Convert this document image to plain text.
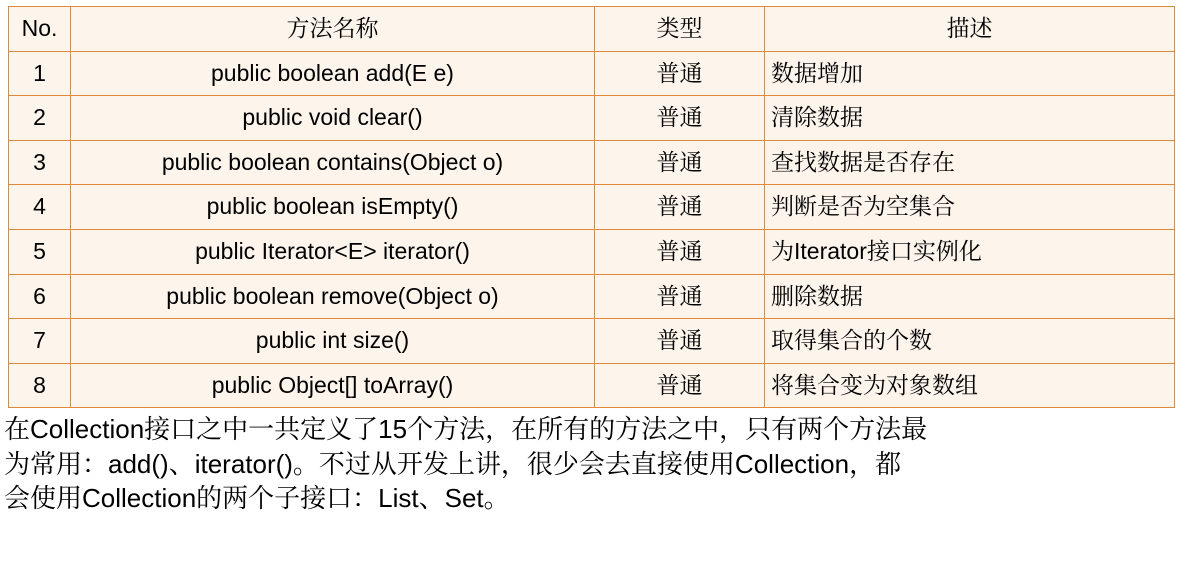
No.	方法名称	类型	描述
1	public boolean add(E e)	普通	数据增加
2	public void clear()	普通	清除数据
3	public boolean contains(Object o)	普通	查找数据是否存在
4	public boolean isEmpty()	普通	判断是否为空集合
5	public Iterator<E> iterator()	普通	为Iterator接口实例化
6	public boolean remove(Object o)	普通	删除数据
7	public int size()	普通	取得集合的个数
8	public Object[] toArray()	普通	将集合变为对象数组

在Collection接口之中一共定义了15个方法，在所有的方法之中，只有两个方法最

为常用：add()、iterator()。不过从开发上讲，很少会去直接使用Collection，都

会使用Collection的两个子接口：List、Set。
